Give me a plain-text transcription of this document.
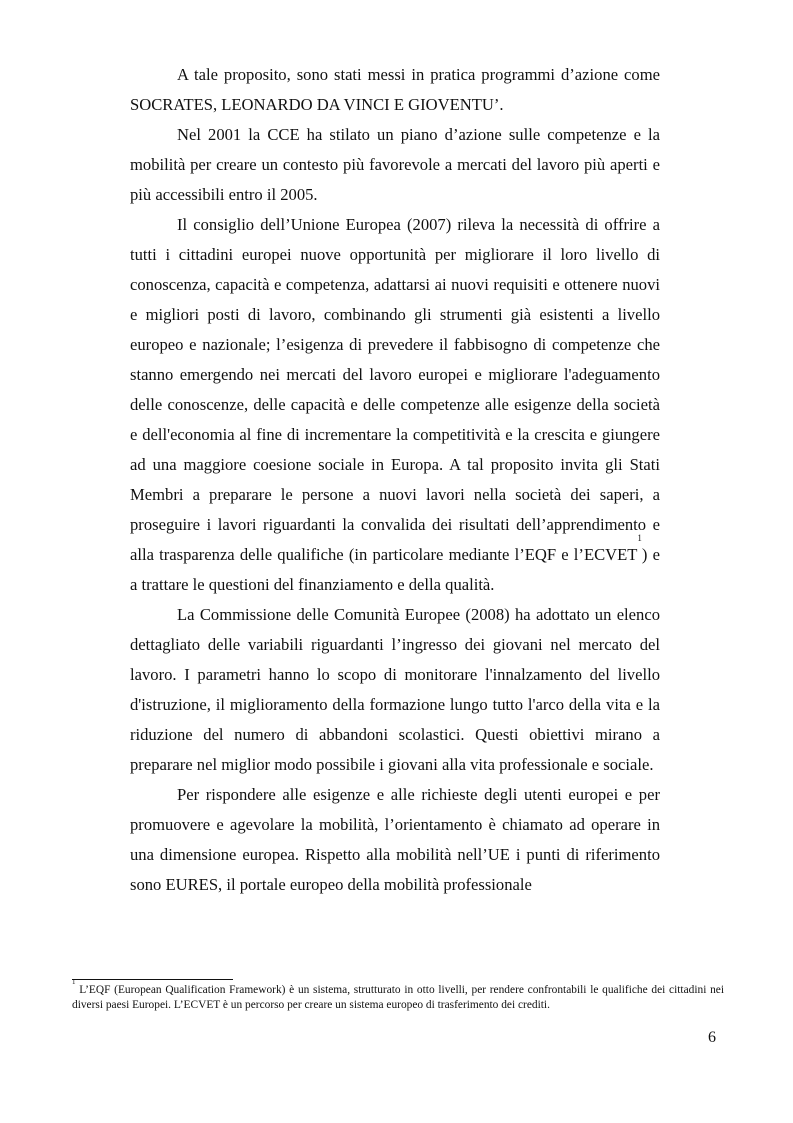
A tale proposito, sono stati messi in pratica programmi d’azione come SOCRATES, LEONARDO DA VINCI E GIOVENTU’.

Nel 2001 la CCE ha stilato un piano d’azione sulle competenze e la mobilità per creare un contesto più favorevole a mercati del lavoro più aperti e più accessibili entro il 2005.

Il consiglio dell’Unione Europea (2007) rileva la necessità di offrire a tutti i cittadini europei nuove opportunità per migliorare il loro livello di conoscenza, capacità e competenza, adattarsi ai nuovi requisiti e ottenere nuovi e migliori posti di lavoro, combinando gli strumenti già esistenti a livello europeo e nazionale; l’esigenza di prevedere il fabbisogno di competenze che stanno emergendo nei mercati del lavoro europei e migliorare l'adeguamento delle conoscenze, delle capacità e delle competenze alle esigenze della società e dell'economia al fine di incrementare la competitività e la crescita e giungere ad una maggiore coesione sociale in Europa. A tal proposito invita gli Stati Membri a preparare le persone a nuovi lavori nella società dei saperi, a proseguire i lavori riguardanti la convalida dei risultati dell’apprendimento e alla trasparenza delle qualifiche (in particolare mediante l’EQF e l’ECVET$^1$) e a trattare le questioni del finanziamento e della qualità.

La Commissione delle Comunità Europee (2008) ha adottato un elenco dettagliato delle variabili riguardanti l’ingresso dei giovani nel mercato del lavoro. I parametri hanno lo scopo di monitorare l'innalzamento del livello d'istruzione, il miglioramento della formazione lungo tutto l'arco della vita e la riduzione del numero di abbandoni scolastici. Questi obiettivi mirano a preparare nel miglior modo possibile i giovani alla vita professionale e sociale.

Per rispondere alle esigenze e alle richieste degli utenti europei e per promuovere e agevolare la mobilità, l’orientamento è chiamato ad operare in una dimensione europea. Rispetto alla mobilità nell’UE i punti di riferimento sono EURES, il portale europeo della mobilità professionale

$^1$ L’EQF (European Qualification Framework) è un sistema, strutturato in otto livelli, per rendere confrontabili le qualifiche dei cittadini nei diversi paesi Europei. L’ECVET è un percorso per creare un sistema europeo di trasferimento dei crediti.
6
